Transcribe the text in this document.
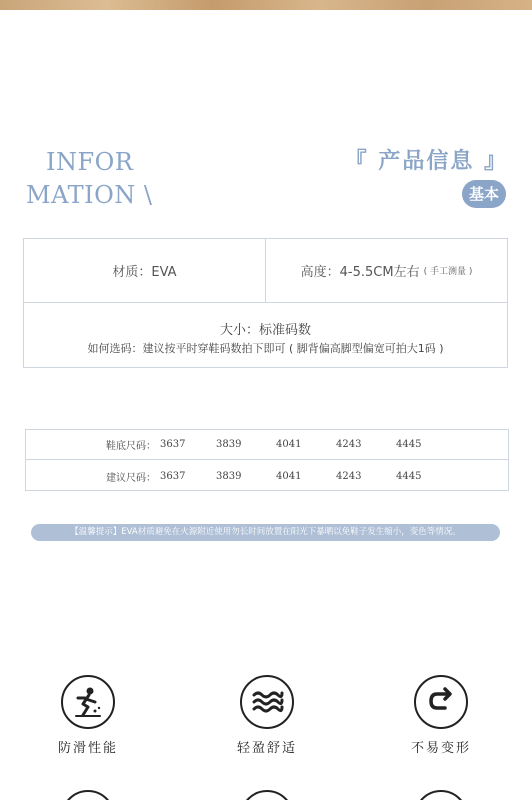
INFOR
MATION \
『 产品信息 』
基本
材质：EVA	高度：4-5.5CM左右 ( 手工测量 )
大小：标准码数
如何选码：建议按平时穿鞋码数拍下即可 ( 脚背偏高脚型偏宽可拍大1码 )
鞋底尺码： 3637	3839	4041	4243	4445
建议尺码： 3637	3839	4041	4243	4445
【温馨提示】EVA材质避免在火源附近使用勿长时间放置在阳光下暴晒以免鞋子发生缩小，变色等情况。
防滑性能	轻盈舒适	不易变形
